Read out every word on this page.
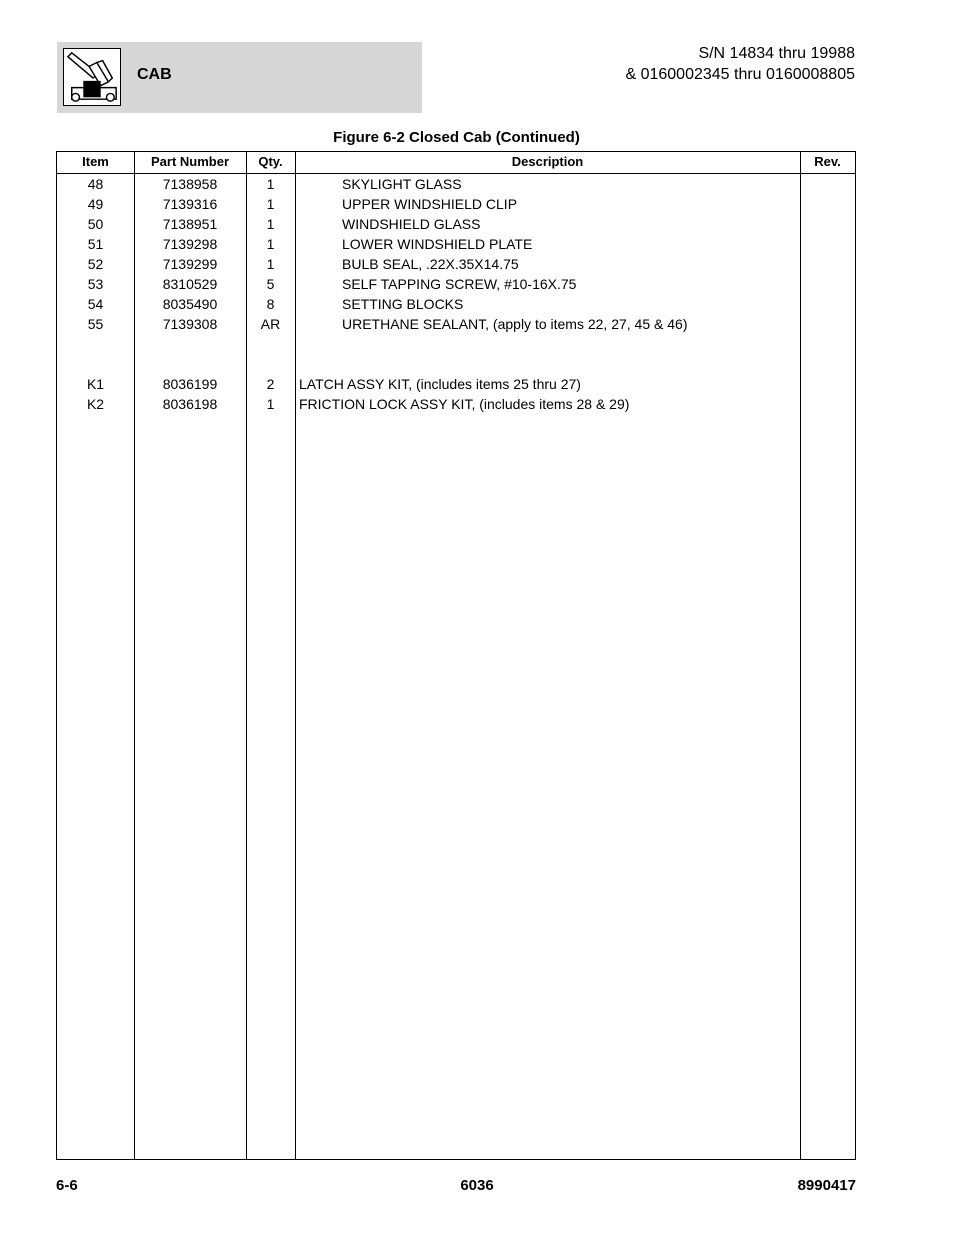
CAB
S/N 14834 thru 19988
& 0160002345 thru 0160008805
Figure 6-2 Closed Cab (Continued)
Item	Part Number	Qty.	Description	Rev.
48	7138958	1	SKYLIGHT GLASS
49	7139316	1	UPPER WINDSHIELD CLIP
50	7138951	1	WINDSHIELD GLASS
51	7139298	1	LOWER WINDSHIELD PLATE
52	7139299	1	BULB SEAL, .22X.35X14.75
53	8310529	5	SELF TAPPING SCREW, #10-16X.75
54	8035490	8	SETTING BLOCKS
55	7139308	AR	URETHANE SEALANT, (apply to items 22, 27, 45 & 46)
K1	8036199	2	LATCH ASSY KIT, (includes items 25 thru 27)
K2	8036198	1	FRICTION LOCK ASSY KIT, (includes items 28 & 29)
6-6	6036	8990417
